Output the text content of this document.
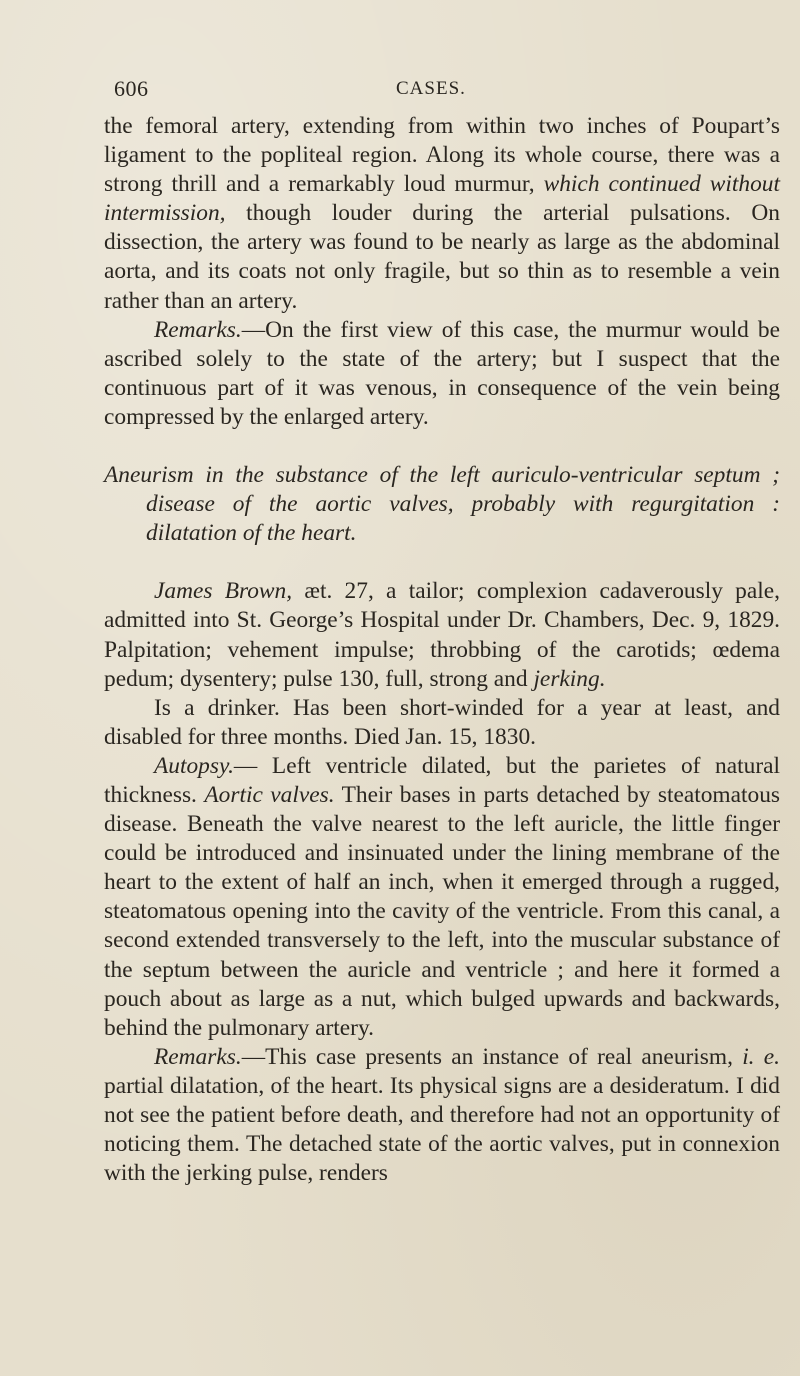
606	CASES.

the femoral artery, extending from within two inches of Poupart’s ligament to the popliteal region. Along its whole course, there was a strong thrill and a remarkably loud murmur, which continued without intermission, though louder during the arterial pulsations. On dissection, the artery was found to be nearly as large as the abdominal aorta, and its coats not only fragile, but so thin as to resemble a vein rather than an artery.

Remarks.—On the first view of this case, the murmur would be ascribed solely to the state of the artery; but I suspect that the continuous part of it was venous, in consequence of the vein being compressed by the enlarged artery.

Aneurism in the substance of the left auriculo-ventricular septum ; disease of the aortic valves, probably with regurgitation : dilatation of the heart.

James Brown, æt. 27, a tailor; complexion cadaverously pale, admitted into St. George’s Hospital under Dr. Chambers, Dec. 9, 1829. Palpitation; vehement impulse; throbbing of the carotids; œdema pedum; dysentery; pulse 130, full, strong and jerking.

Is a drinker. Has been short-winded for a year at least, and disabled for three months. Died Jan. 15, 1830.

Autopsy.— Left ventricle dilated, but the parietes of natural thickness. Aortic valves. Their bases in parts detached by steatomatous disease. Beneath the valve nearest to the left auricle, the little finger could be introduced and insinuated under the lining membrane of the heart to the extent of half an inch, when it emerged through a rugged, steatomatous opening into the cavity of the ventricle. From this canal, a second extended transversely to the left, into the muscular substance of the septum between the auricle and ventricle ; and here it formed a pouch about as large as a nut, which bulged upwards and backwards, behind the pulmonary artery.

Remarks.—This case presents an instance of real aneurism, i. e. partial dilatation, of the heart. Its physical signs are a desideratum. I did not see the patient before death, and therefore had not an opportunity of noticing them. The detached state of the aortic valves, put in connexion with the jerking pulse, renders
